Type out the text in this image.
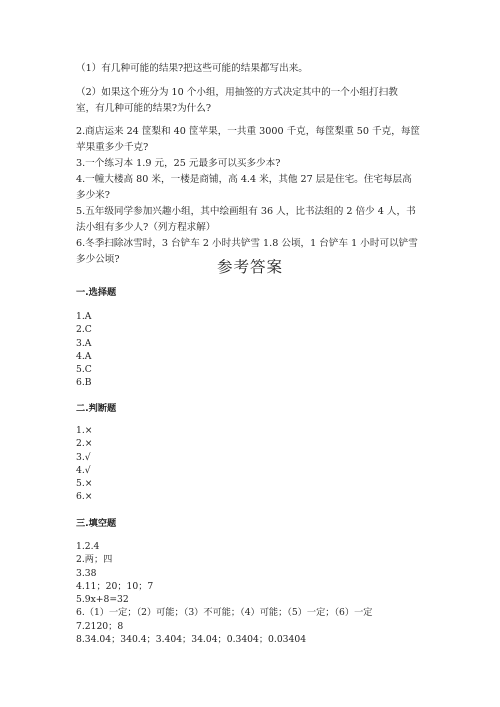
（1）有几种可能的结果?把这些可能的结果都写出来。
（2）如果这个班分为 10 个小组，用抽签的方式决定其中的一个小组打扫教
室，有几种可能的结果?为什么?
2.商店运来 24 筐梨和 40 筐苹果，一共重 3000 千克，每筐梨重 50 千克，每筐
苹果重多少千克?
3.一个练习本 1.9 元，25 元最多可以买多少本?
4.一幢大楼高 80 米，一楼是商铺，高 4.4 米，其他 27 层是住宅。住宅每层高
多少米?
5.五年级同学参加兴趣小组，其中绘画组有 36 人，比书法组的 2 倍少 4 人，书
法小组有多少人?（列方程求解）
6.冬季扫除冰雪时，3 台铲车 2 小时共铲雪 1.8 公顷，1 台铲车 1 小时可以铲雪
多少公顷?	参考答案
一.选择题
1.A
2.C
3.A
4.A
5.C
6.B
二.判断题
1.×
2.×
3.√
4.√
5.×
6.×
三.填空题
1.2.4
2.两；四
3.38
4.11；20；10；7
5.9x+8=32
6.（1）一定；（2）可能；（3）不可能；（4）可能；（5）一定；（6）一定
7.2120；8
8.34.04；340.4；3.404；34.04；0.3404；0.03404
